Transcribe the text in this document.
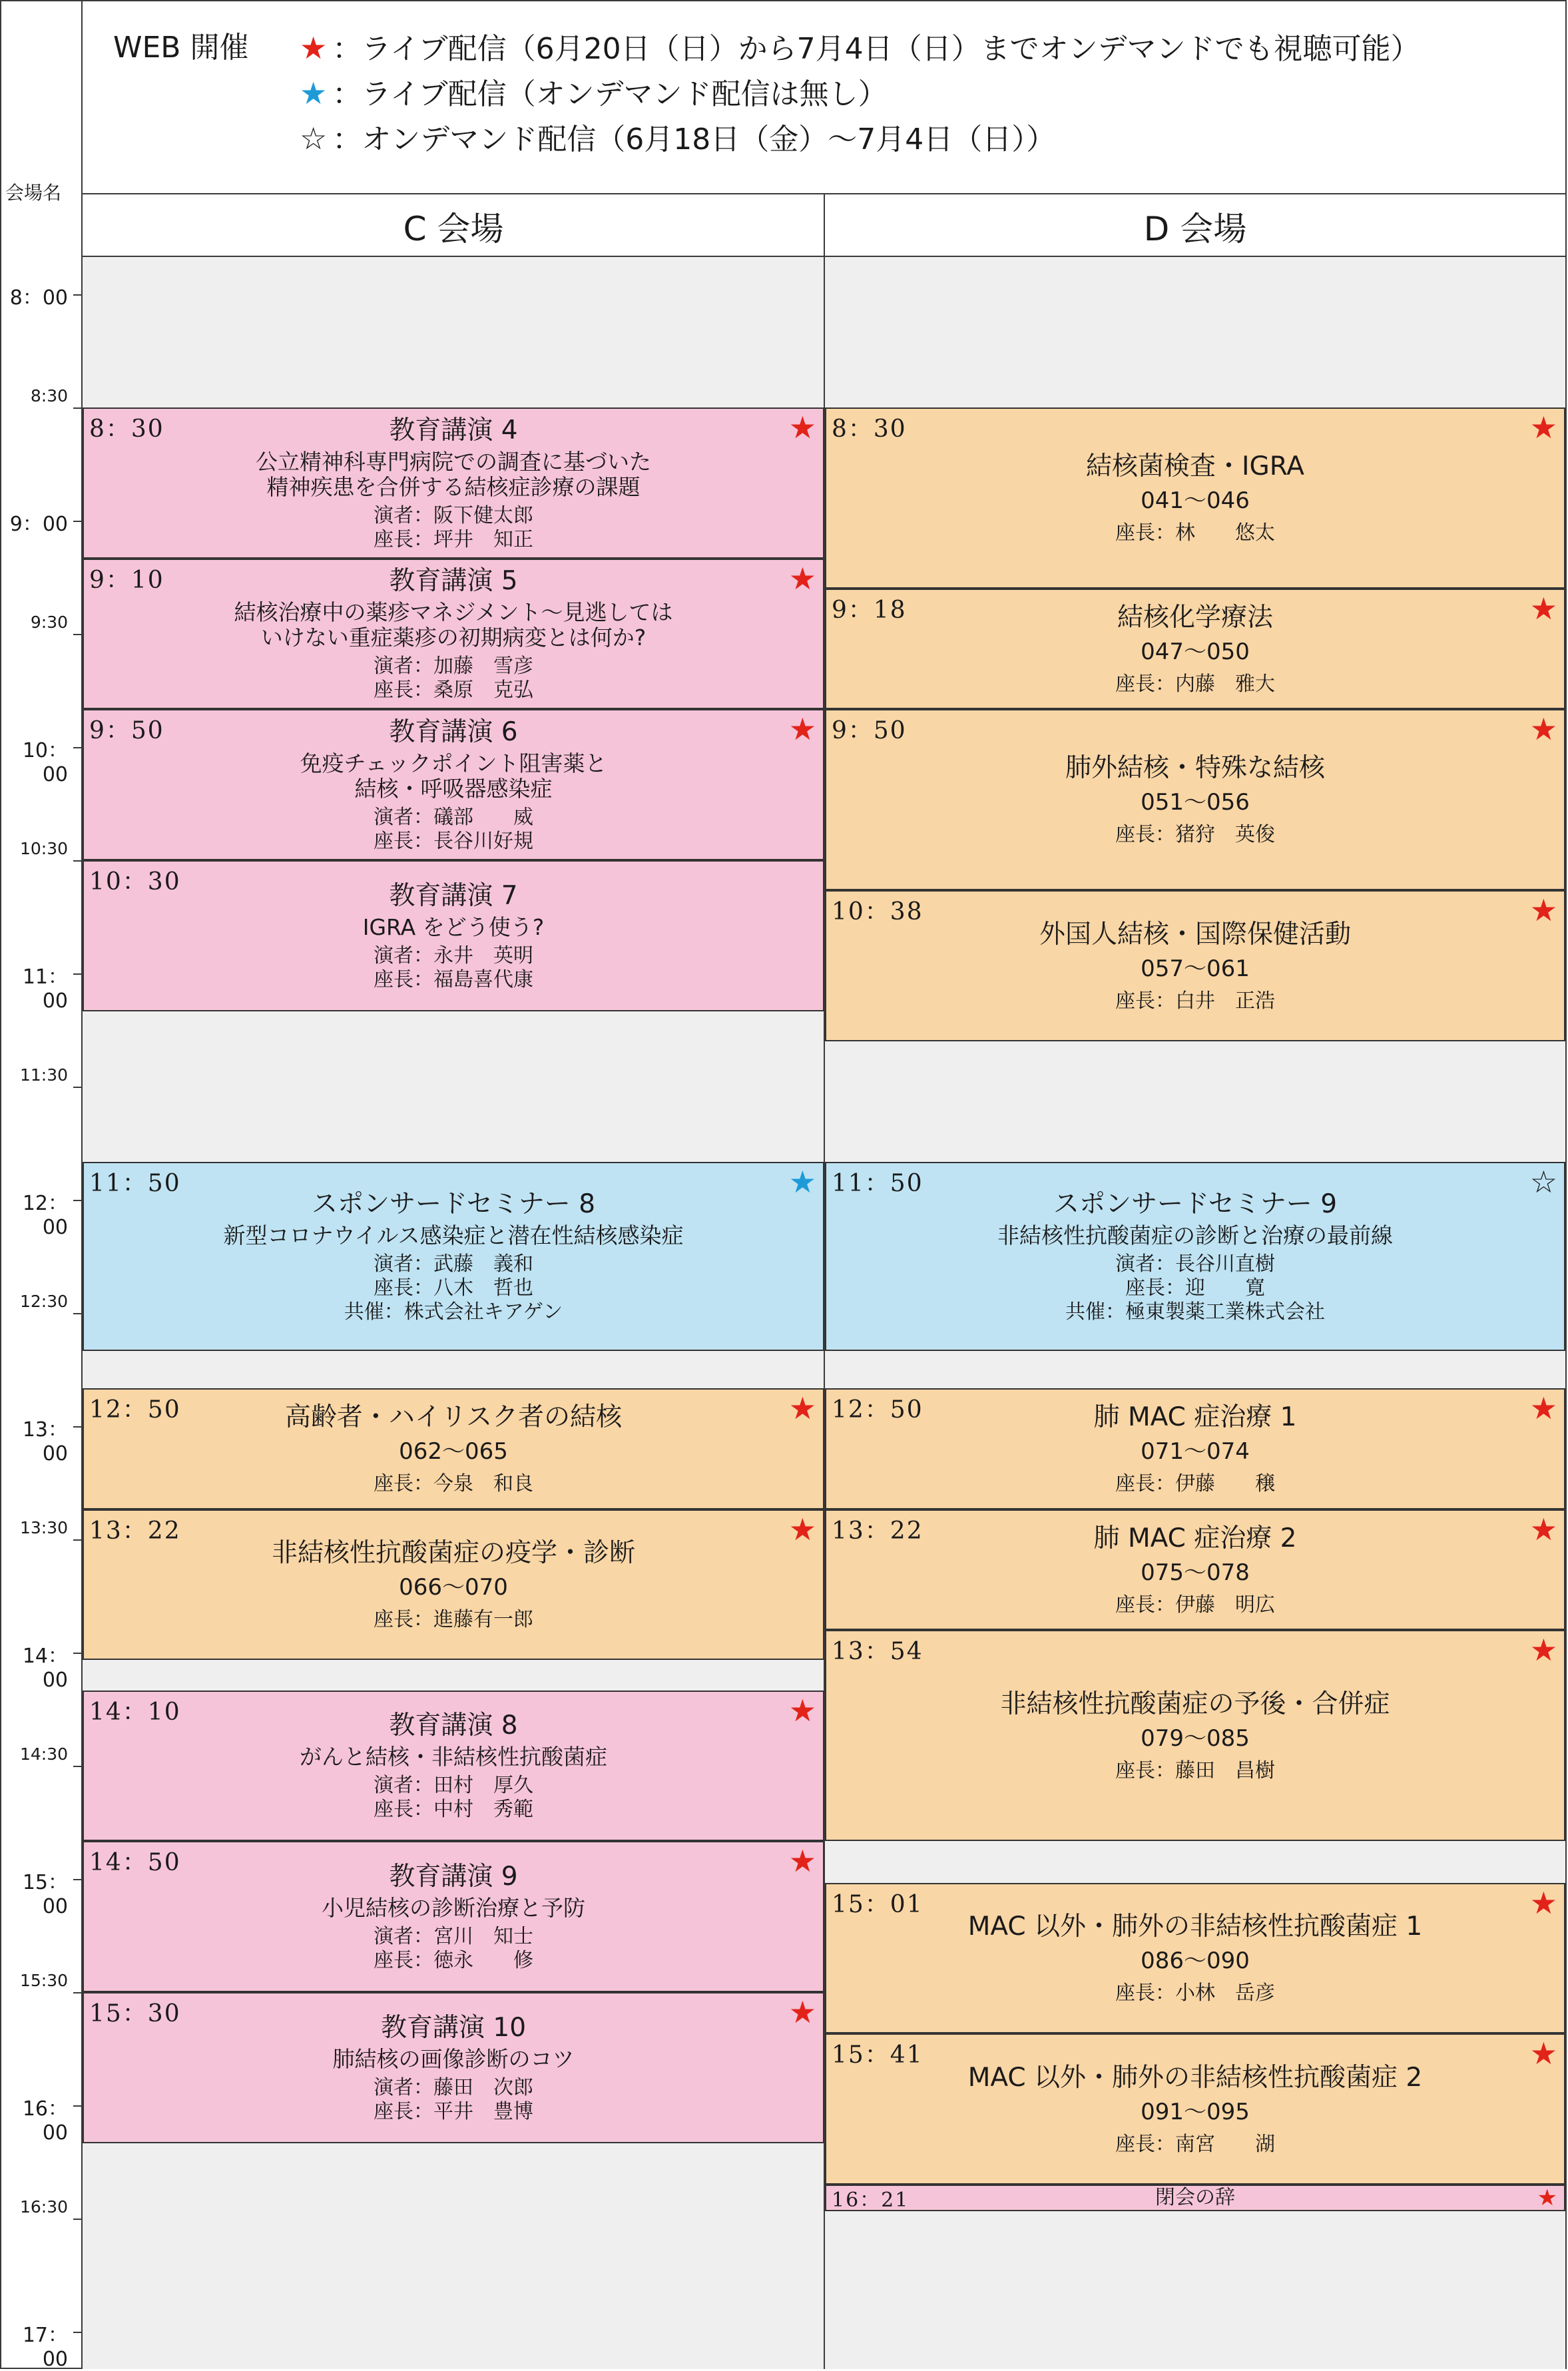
WEB 開催 ★ ：ライブ配信（6月20日（日）から7月4日（日）までオンデマンドでも視聴可能）
★ ：ライブ配信（オンデマンド配信は無し）
☆ ：オンデマンド配信（6月18日（金）〜7月4日（日））
会場名
C 会場	D 会場
8：00
8:30
9：00
9:30
10：00
10:30
11：00
11:30
12：00
12:30
13：00
13:30
14：00
14:30
15：00
15:30
16：00
16:30
17：00
8：30	★
教育講演 4
公立精神科専門病院での調査に基づいた
精神疾患を合併する結核症診療の課題
演者：阪下健太郎
座長：坪井　知正
9：10	★
教育講演 5
結核治療中の薬疹マネジメント〜見逃しては
いけない重症薬疹の初期病変とは何か?
演者：加藤　雪彦
座長：桑原　克弘
9：50	★
教育講演 6
免疫チェックポイント阻害薬と
結核・呼吸器感染症
演者：礒部　　威
座長：長谷川好規
10：30	教育講演 7
IGRA をどう使う?
演者：永井　英明
座長：福島喜代康
11：50	★
スポンサードセミナー 8
新型コロナウイルス感染症と潜在性結核感染症
演者：武藤　義和
座長：八木　哲也
共催：株式会社キアゲン
12：50	★
高齢者・ハイリスク者の結核
062〜065
座長：今泉　和良
13：22	★
非結核性抗酸菌症の疫学・診断
066〜070
座長：進藤有一郎
14：10	★
教育講演 8
がんと結核・非結核性抗酸菌症
演者：田村　厚久
座長：中村　秀範
14：50	★
教育講演 9
小児結核の診断治療と予防
演者：宮川　知士
座長：徳永　　修
15：30	★
教育講演 10
肺結核の画像診断のコツ
演者：藤田　次郎
座長：平井　豊博
8：30	★
結核菌検査・IGRA
041〜046
座長：林　　悠太
9：18	★
結核化学療法
047〜050
座長：内藤　雅大
9：50	★
肺外結核・特殊な結核
051〜056
座長：猪狩　英俊
10：38	★
外国人結核・国際保健活動
057〜061
座長：白井　正浩
11：50	☆
スポンサードセミナー 9
非結核性抗酸菌症の診断と治療の最前線
演者：長谷川直樹
座長：迎　　寛
共催：極東製薬工業株式会社
12：50	★
肺 MAC 症治療 1
071〜074
座長：伊藤　　穣
13：22	★
肺 MAC 症治療 2
075〜078
座長：伊藤　明広
13：54	★
非結核性抗酸菌症の予後・合併症
079〜085
座長：藤田　昌樹
15：01	★
MAC 以外・肺外の非結核性抗酸菌症 1
086〜090
座長：小林　岳彦
15：41	★
MAC 以外・肺外の非結核性抗酸菌症 2
091〜095
座長：南宮　　湖
16：21	★
閉会の辞
